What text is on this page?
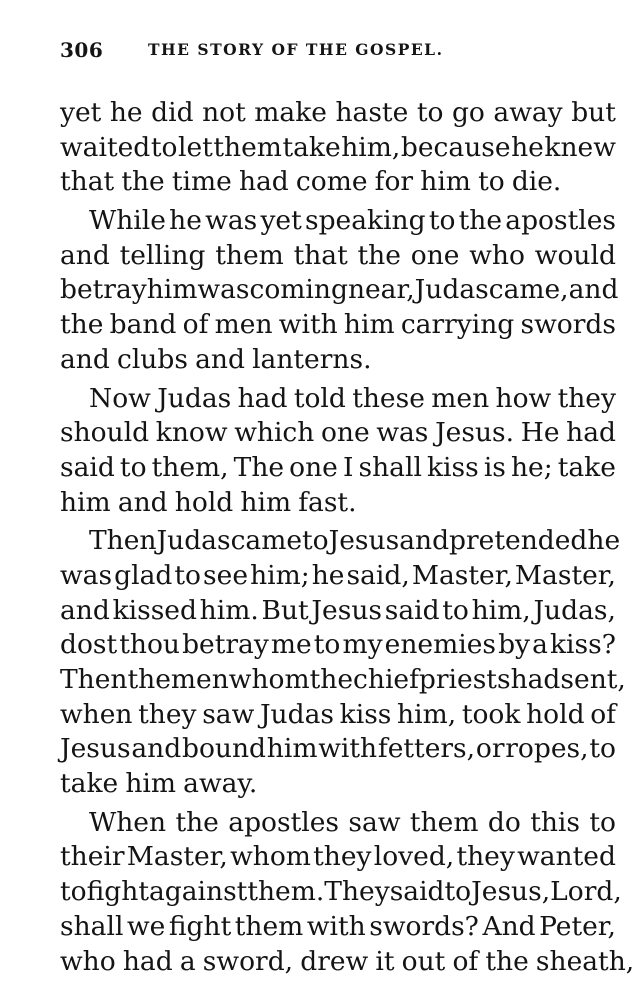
306	THE STORY OF THE GOSPEL.
yet he did not make haste to go away but
waited to let them take him, because he knew
that the time had come for him to die.
While he was yet speaking to the apostles
and telling them that the one who would
betray him was coming near, Judas came, and
the band of men with him carrying swords
and clubs and lanterns.
Now Judas had told these men how they
should know which one was Jesus. He had
said to them, The one I shall kiss is he; take
him and hold him fast.
Then Judas came to Jesus and pretended he
was glad to see him; he said, Master, Master,
and kissed him. But Jesus said to him, Judas,
dost thou betray me to my enemies by a kiss?
Then the men whom the chief priests had sent,
when they saw Judas kiss him, took hold of
Jesus and bound him with fetters, or ropes, to
take him away.
When the apostles saw them do this to
their Master, whom they loved, they wanted
to fight against them. They said to Jesus, Lord,
shall we fight them with swords? And Peter,
who had a sword, drew it out of the sheath,
